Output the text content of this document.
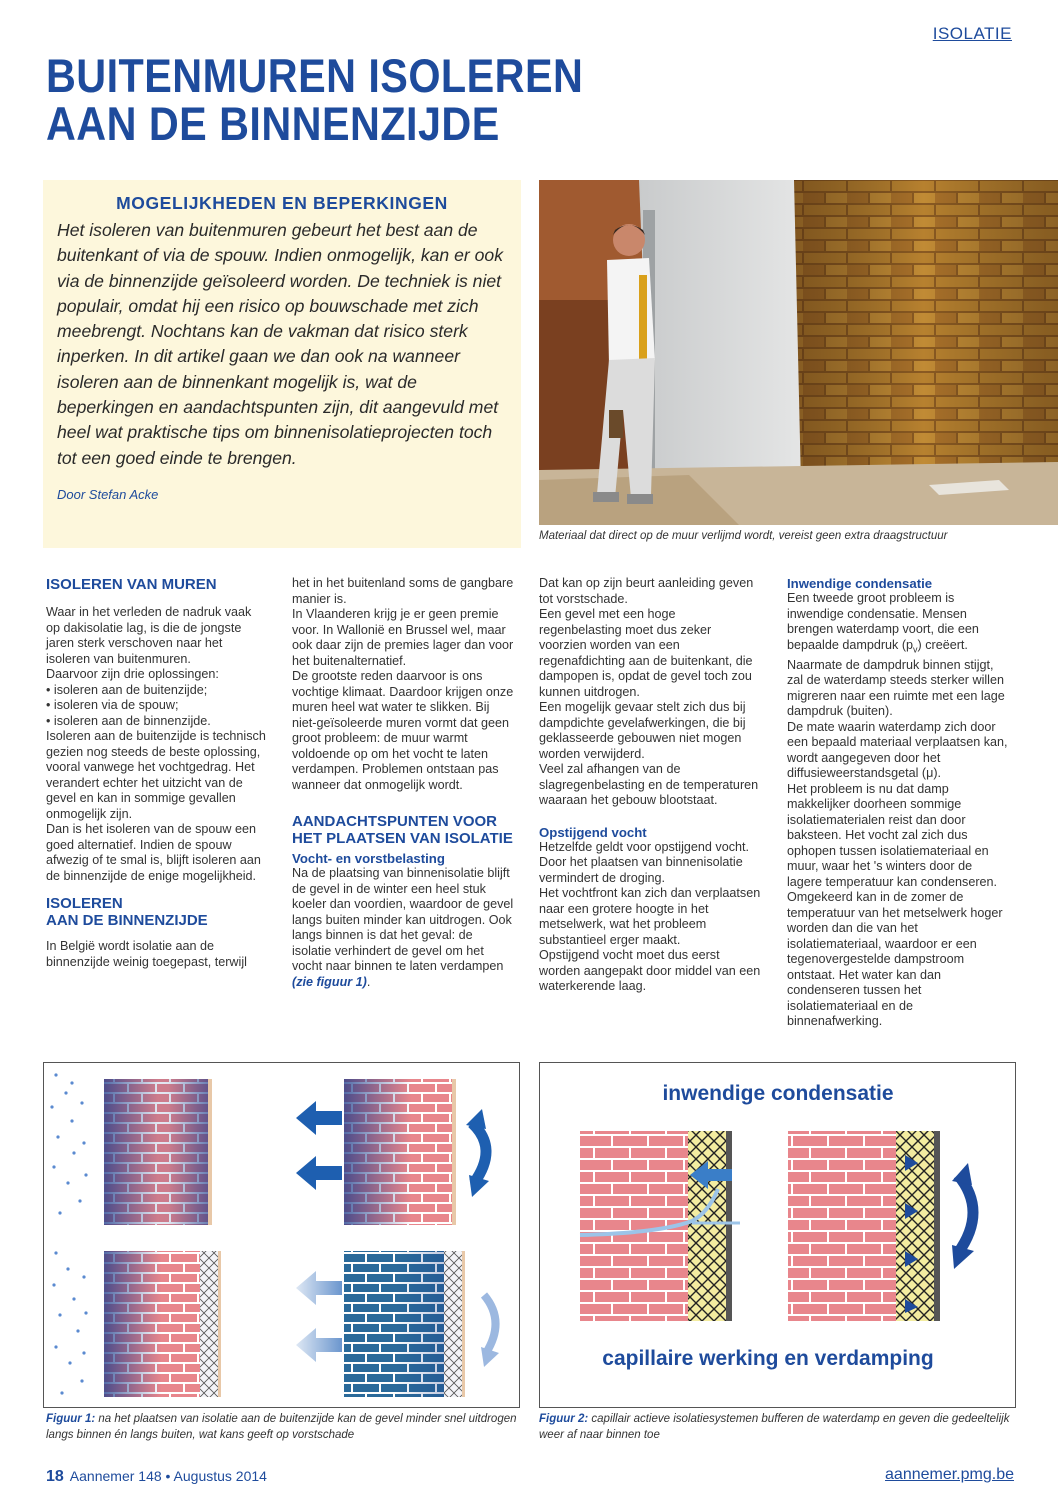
ISOLATIE
BUITENMUREN ISOLEREN
AAN DE BINNENZIJDE
MOGELIJKHEDEN EN BEPERKINGEN

Het isoleren van buitenmuren gebeurt het best aan de buitenkant of via de spouw. Indien onmogelijk, kan er ook via de binnenzijde geïsoleerd worden. De techniek is niet populair, omdat hij een risico op bouwschade met zich meebrengt. Nochtans kan de vakman dat risico sterk inperken. In dit artikel gaan we dan ook na wanneer isoleren aan de binnenkant mogelijk is, wat de beperkingen en aandachtspunten zijn, dit aangevuld met heel wat praktische tips om binnenisolatieprojecten toch tot een goed einde te brengen.

Door Stefan Acke
Materiaal dat direct op de muur verlijmd wordt, vereist geen extra draagstructuur
ISOLEREN VAN MUREN

Waar in het verleden de nadruk vaak op dakisolatie lag, is die de jongste jaren sterk verschoven naar het isoleren van buitenmuren.

Daarvoor zijn drie oplossingen:

• isoleren aan de buitenzijde;

• isoleren via de spouw;

• isoleren aan de binnenzijde.

Isoleren aan de buitenzijde is technisch gezien nog steeds de beste oplossing, vooral vanwege het vochtgedrag. Het verandert echter het uitzicht van de gevel en kan in sommige gevallen onmogelijk zijn.

Dan is het isoleren van de spouw een goed alternatief. Indien de spouw afwezig of te smal is, blijft isoleren aan de binnenzijde de enige mogelijkheid.

ISOLEREN
AAN DE BINNENZIJDE

In België wordt isolatie aan de binnenzijde weinig toegepast, terwijl

het in het buitenland soms de gangbare manier is.

In Vlaanderen krijg je er geen premie voor. In Wallonië en Brussel wel, maar ook daar zijn de premies lager dan voor het buitenalternatief.

De grootste reden daarvoor is ons vochtige klimaat. Daardoor krijgen onze muren heel wat water te slikken. Bij niet-geïsoleerde muren vormt dat geen groot probleem: de muur warmt voldoende op om het vocht te laten verdampen. Problemen ontstaan pas wanneer dat onmogelijk wordt.

AANDACHTSPUNTEN VOOR
HET PLAATSEN VAN ISOLATIE
Vocht- en vorstbelasting

Na de plaatsing van binnenisolatie blijft de gevel in de winter een heel stuk koeler dan voordien, waardoor de gevel langs buiten minder kan uitdrogen. Ook langs binnen is dat het geval: de isolatie verhindert de gevel om het vocht naar binnen te laten verdampen (zie figuur 1).

Dat kan op zijn beurt aanleiding geven tot vorstschade.

Een gevel met een hoge regenbelasting moet dus zeker voorzien worden van een regenafdichting aan de buitenkant, die dampopen is, opdat de gevel toch zou kunnen uitdrogen.

Een mogelijk gevaar stelt zich dus bij dampdichte gevelafwerkingen, die bij geklasseerde gebouwen niet mogen worden verwijderd.

Veel zal afhangen van de slagregenbelasting en de temperaturen waaraan het gebouw blootstaat.

Opstijgend vocht

Hetzelfde geldt voor opstijgend vocht. Door het plaatsen van binnenisolatie vermindert de droging.

Het vochtfront kan zich dan verplaatsen naar een grotere hoogte in het metselwerk, wat het probleem substantieel erger maakt.

Opstijgend vocht moet dus eerst worden aangepakt door middel van een waterkerende laag.

Inwendige condensatie

Een tweede groot probleem is inwendige condensatie. Mensen brengen waterdamp voort, die een bepaalde dampdruk $(p_v)$ creëert.

Naarmate de dampdruk binnen stijgt, zal de waterdamp steeds sterker willen migreren naar een ruimte met een lage dampdruk (buiten).

De mate waarin waterdamp zich door een bepaald materiaal verplaatsen kan, wordt aangegeven door het diffusieweerstandsgetal (μ).

Het probleem is nu dat damp makkelijker doorheen sommige isolatiematerialen reist dan door baksteen. Het vocht zal zich dus ophopen tussen isolatiemateriaal en muur, waar het 's winters door de lagere temperatuur kan condenseren. Omgekeerd kan in de zomer de temperatuur van het metselwerk hoger worden dan die van het isolatiemateriaal, waardoor er een tegenovergestelde dampstroom ontstaat. Het water kan dan condenseren tussen het isolatiemateriaal en de binnenafwerking.

Figuur 1: na het plaatsen van isolatie aan de buitenzijde kan de gevel minder snel uitdrogen langs binnen én langs buiten, wat kans geeft op vorstschade
inwendige condensatie
capillaire werking en verdamping
Figuur 2: capillair actieve isolatiesystemen bufferen de waterdamp en geven die gedeeltelijk weer af naar binnen toe
18 Aannemer 148 • Augustus 2014	aannemer.pmg.be
